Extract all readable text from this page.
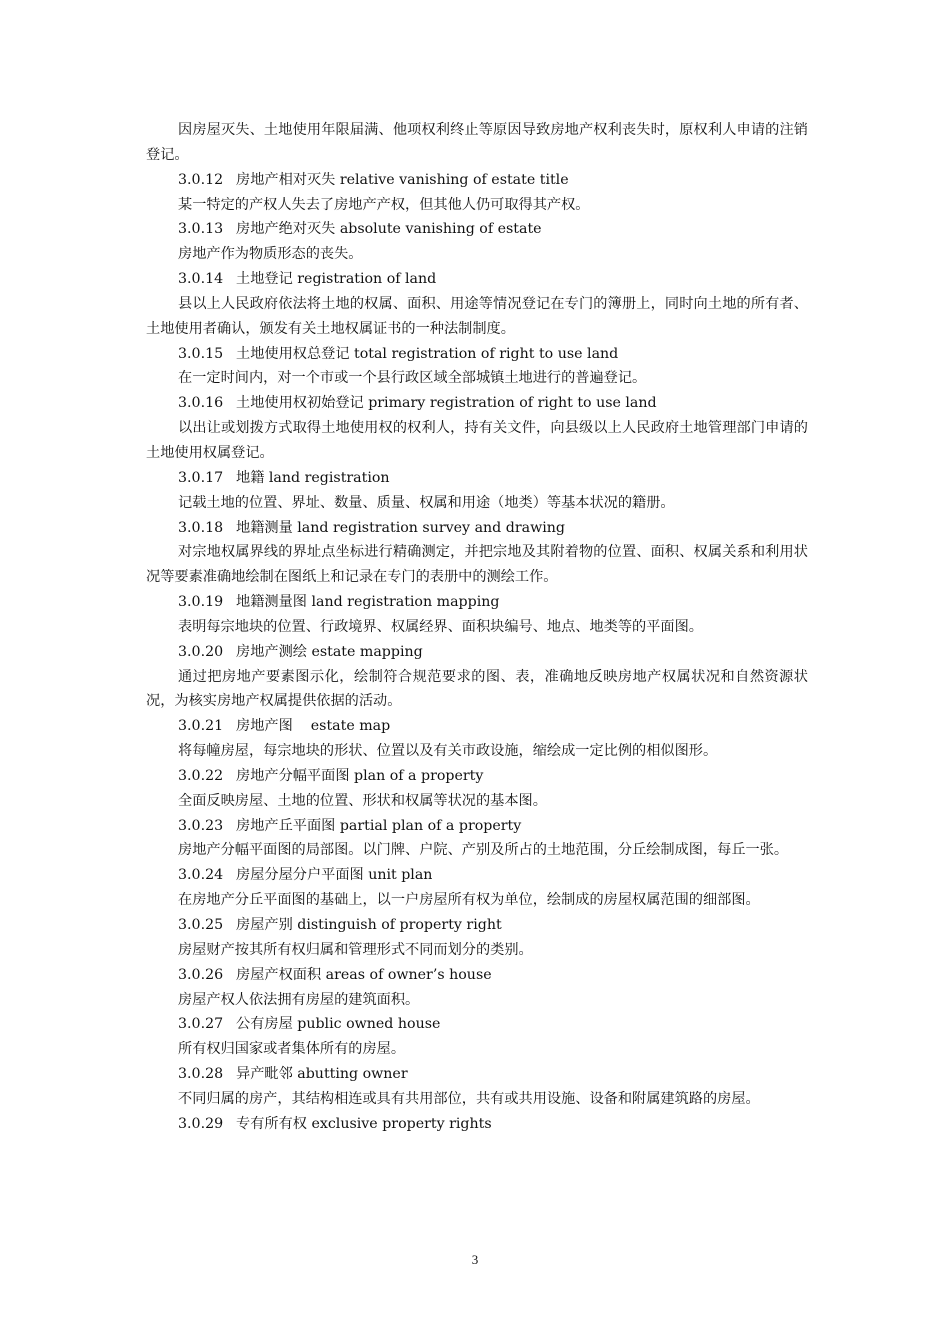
因房屋灭失、土地使用年限届满、他项权利终止等原因导致房地产权利丧失时，原权利人申请的注销登记。

3.0.12 房地产相对灭失 relative vanishing of estate title

某一特定的产权人失去了房地产产权，但其他人仍可取得其产权。

3.0.13 房地产绝对灭失 absolute vanishing of estate

房地产作为物质形态的丧失。

3.0.14 土地登记 registration of land

县以上人民政府依法将土地的权属、面积、用途等情况登记在专门的簿册上，同时向土地的所有者、土地使用者确认，颁发有关土地权属证书的一种法制制度。

3.0.15 土地使用权总登记 total registration of right to use land

在一定时间内，对一个市或一个县行政区域全部城镇土地进行的普遍登记。

3.0.16 土地使用权初始登记 primary registration of right to use land

以出让或划拨方式取得土地使用权的权利人，持有关文件，向县级以上人民政府土地管理部门申请的土地使用权属登记。

3.0.17 地籍 land registration

记载土地的位置、界址、数量、质量、权属和用途（地类）等基本状况的籍册。

3.0.18 地籍测量 land registration survey and drawing

对宗地权属界线的界址点坐标进行精确测定，并把宗地及其附着物的位置、面积、权属关系和利用状况等要素准确地绘制在图纸上和记录在专门的表册中的测绘工作。

3.0.19 地籍测量图 land registration mapping

表明每宗地块的位置、行政境界、权属经界、面积块编号、地点、地类等的平面图。

3.0.20 房地产测绘 estate mapping

通过把房地产要素图示化，绘制符合规范要求的图、表，准确地反映房地产权属状况和自然资源状况，为核实房地产权属提供依据的活动。

3.0.21 房地产图    estate map

将每幢房屋，每宗地块的形状、位置以及有关市政设施，缩绘成一定比例的相似图形。

3.0.22 房地产分幅平面图 plan of a property

全面反映房屋、土地的位置、形状和权属等状况的基本图。

3.0.23 房地产丘平面图 partial plan of a property

房地产分幅平面图的局部图。以门牌、户院、产别及所占的土地范围，分丘绘制成图，每丘一张。

3.0.24 房屋分屋分户平面图 unit plan

在房地产分丘平面图的基础上，以一户房屋所有权为单位，绘制成的房屋权属范围的细部图。

3.0.25 房屋产别 distinguish of property right

房屋财产按其所有权归属和管理形式不同而划分的类别。

3.0.26 房屋产权面积 areas of owner’s house

房屋产权人依法拥有房屋的建筑面积。

3.0.27 公有房屋 public owned house

所有权归国家或者集体所有的房屋。

3.0.28 异产毗邻 abutting owner

不同归属的房产，其结构相连或具有共用部位，共有或共用设施、设备和附属建筑路的房屋。

3.0.29 专有所有权 exclusive property rights

3
